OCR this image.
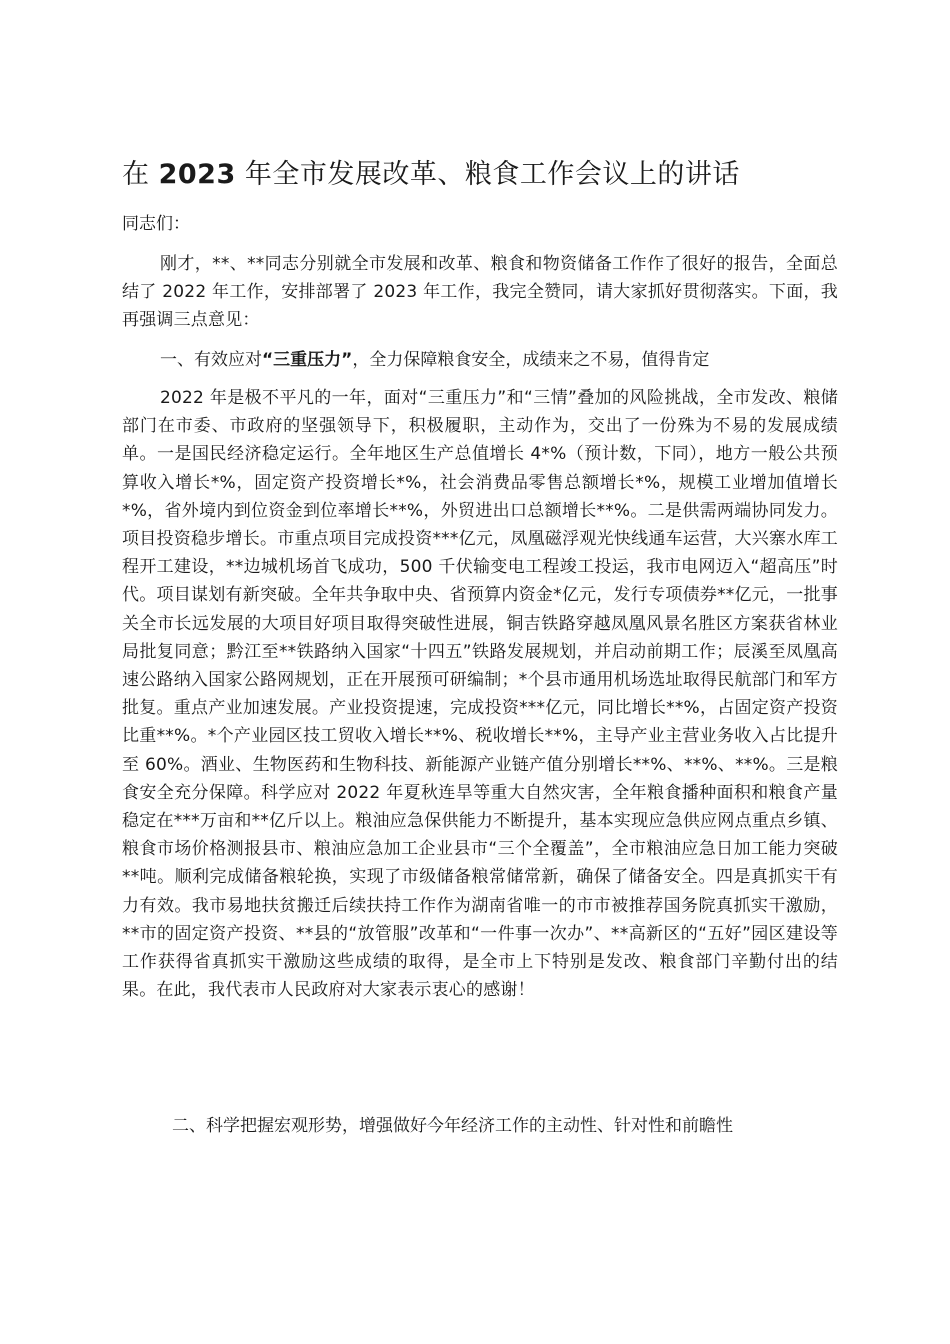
在 2023 年全市发展改革、粮食工作会议上的讲话

同志们：

刚才，**、**同志分别就全市发展和改革、粮食和物资储备工作作了很好的报告，全面总结了 2022 年工作，安排部署了 2023 年工作，我完全赞同，请大家抓好贯彻落实。下面，我再强调三点意见：

一、有效应对“三重压力”，全力保障粮食安全，成绩来之不易，值得肯定

2022 年是极不平凡的一年，面对“三重压力”和“三情”叠加的风险挑战，全市发改、粮储部门在市委、市政府的坚强领导下，积极履职，主动作为，交出了一份殊为不易的发展成绩单。一是国民经济稳定运行。全年地区生产总值增长 4*%（预计数，下同），地方一般公共预算收入增长*%，固定资产投资增长*%，社会消费品零售总额增长*%，规模工业增加值增长*%，省外境内到位资金到位率增长**%，外贸进出口总额增长**%。二是供需两端协同发力。项目投资稳步增长。市重点项目完成投资***亿元，凤凰磁浮观光快线通车运营，大兴寨水库工程开工建设，**边城机场首飞成功，500 千伏输变电工程竣工投运，我市电网迈入“超高压”时代。项目谋划有新突破。全年共争取中央、省预算内资金*亿元，发行专项债券**亿元，一批事关全市长远发展的大项目好项目取得突破性进展，铜吉铁路穿越凤凰风景名胜区方案获省林业局批复同意；黔江至**铁路纳入国家“十四五”铁路发展规划，并启动前期工作；辰溪至凤凰高速公路纳入国家公路网规划，正在开展预可研编制；*个县市通用机场选址取得民航部门和军方批复。重点产业加速发展。产业投资提速，完成投资***亿元，同比增长**%，占固定资产投资比重**%。*个产业园区技工贸收入增长**%、税收增长**%，主导产业主营业务收入占比提升至 60%。酒业、生物医药和生物科技、新能源产业链产值分别增长**%、**%、**%。三是粮食安全充分保障。科学应对 2022 年夏秋连旱等重大自然灾害，全年粮食播种面积和粮食产量稳定在***万亩和**亿斤以上。粮油应急保供能力不断提升，基本实现应急供应网点重点乡镇、粮食市场价格测报县市、粮油应急加工企业县市“三个全覆盖”，全市粮油应急日加工能力突破**吨。顺利完成储备粮轮换，实现了市级储备粮常储常新，确保了储备安全。四是真抓实干有力有效。我市易地扶贫搬迁后续扶持工作作为湖南省唯一的市市被推荐国务院真抓实干激励，**市的固定资产投资、**县的“放管服”改革和“一件事一次办”、**高新区的“五好”园区建设等工作获得省真抓实干激励这些成绩的取得，是全市上下特别是发改、粮食部门辛勤付出的结果。在此，我代表市人民政府对大家表示衷心的感谢！

二、科学把握宏观形势，增强做好今年经济工作的主动性、针对性和前瞻性
